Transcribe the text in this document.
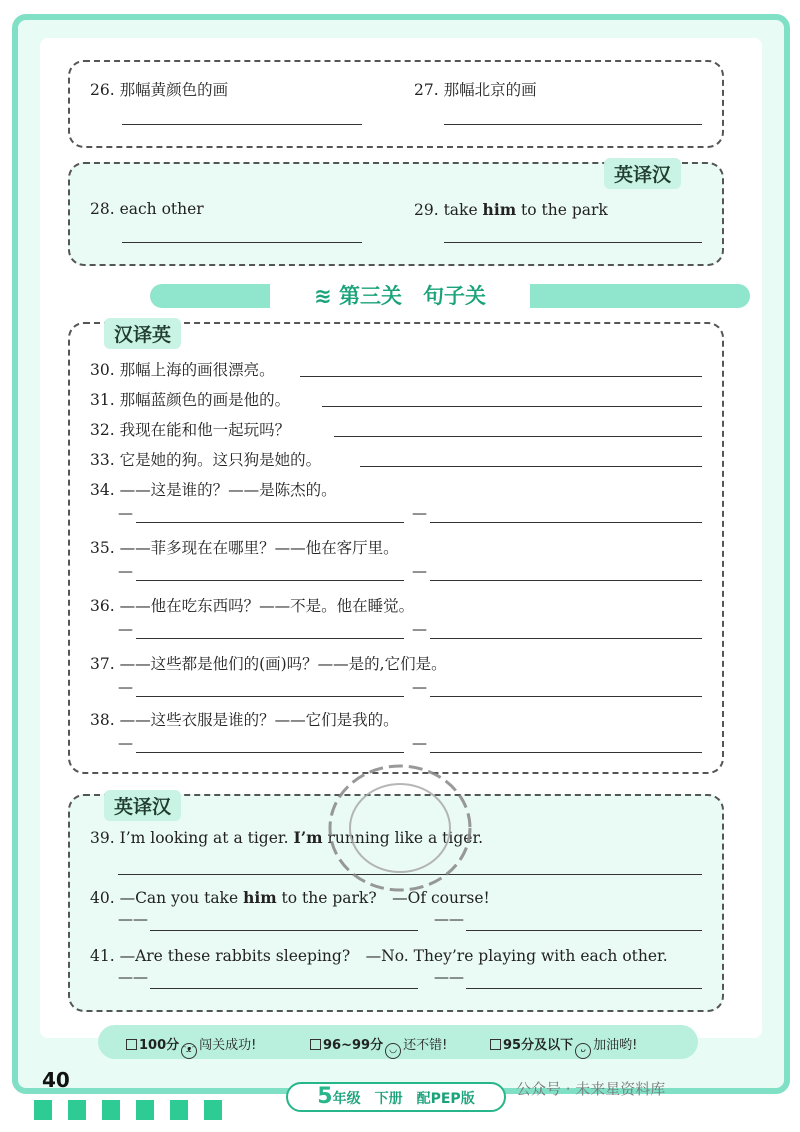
26. 那幅黄颜色的画	27. 那幅北京的画
英译汉
28. each other	29. take him to the park
≋ 第三关　句子关
汉译英
30. 那幅上海的画很漂亮。
31. 那幅蓝颜色的画是他的。
32. 我现在能和他一起玩吗？
33. 它是她的狗。这只狗是她的。
34. ——这是谁的？——是陈杰的。
—	—
35. ——菲多现在在哪里？——他在客厅里。
—	—
36. ——他在吃东西吗？——不是。他在睡觉。
—	—
37. ——这些都是他们的(画)吗？——是的,它们是。
—	—
38. ——这些衣服是谁的？——它们是我的。
—	—
英译汉
39. I’m looking at a tiger. I’m running like a tiger.
40. —Can you take him to the park?　—Of course!
——	——
41. —Are these rabbits sleeping?　—No. They’re playing with each other.
——	——
100分 ᵔᴥᵔ 闯关成功!	96~99分 ◡ 还不错!	95分及以下 ᴗ 加油哟!
40
5年级　下册　配PEP版
公众号 · 未来星资料库
